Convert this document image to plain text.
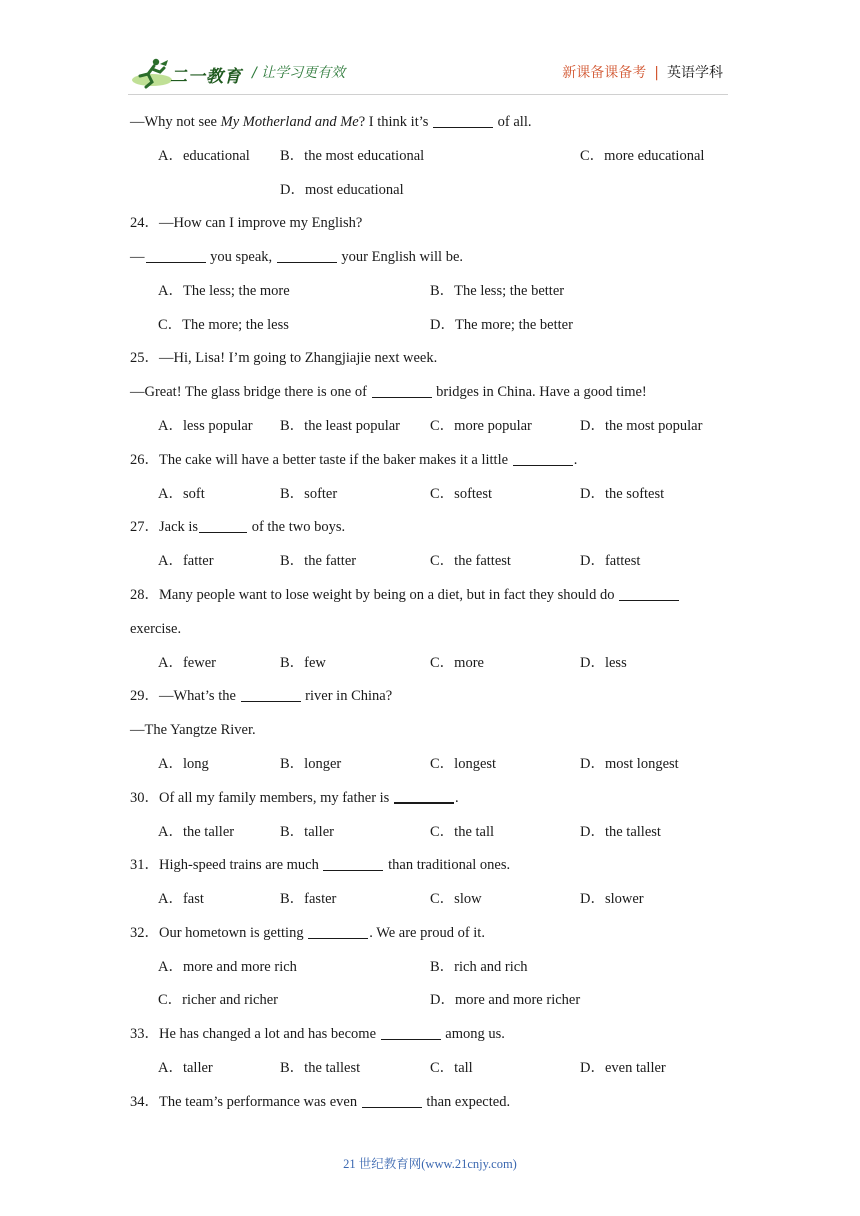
二一教育 / 让学习更有效	新课备课备考 | 英语学科
—Why not see My Motherland and Me? I think it’s	of all.
A．educational B．the most educational	C．more educational
D．most educational
24．—How can I improve my English?
—	you speak,	your English will be.
A．The less; the more	B．The less; the better
C．The more; the less	D．The more; the better
25．—Hi, Lisa! I’m going to Zhangjiajie next week.
—Great! The glass bridge there is one of	bridges in China. Have a good time!
A．less popular B．the least popular C．more popular	D．the most popular
26．The cake will have a better taste if the baker makes it a little	.
A．soft	B．softer	C．softest	D．the softest
27．Jack is	of the two boys.
A．fatter	B．the fatter	C．the fattest	D．fattest
28．Many people want to lose weight by being on a diet, but in fact they should do
exercise.
A．fewer	B．few	C．more	D．less
29．—What’s the	river in China?
—The Yangtze River.
A．long	B．longer	C．longest	D．most longest
30．Of all my family members, my father is	.
A．the taller	B．taller	C．the tall	D．the tallest
31．High-speed trains are much	than traditional ones.
A．fast	B．faster	C．slow	D．slower
32．Our hometown is getting	. We are proud of it.
A．more and more rich	B．rich and rich
C．richer and richer	D．more and more richer
33．He has changed a lot and has become	among us.
A．taller	B．the tallest	C．tall	D．even taller
34．The team’s performance was even	than expected.
21 世纪教育网(www.21cnjy.com)
